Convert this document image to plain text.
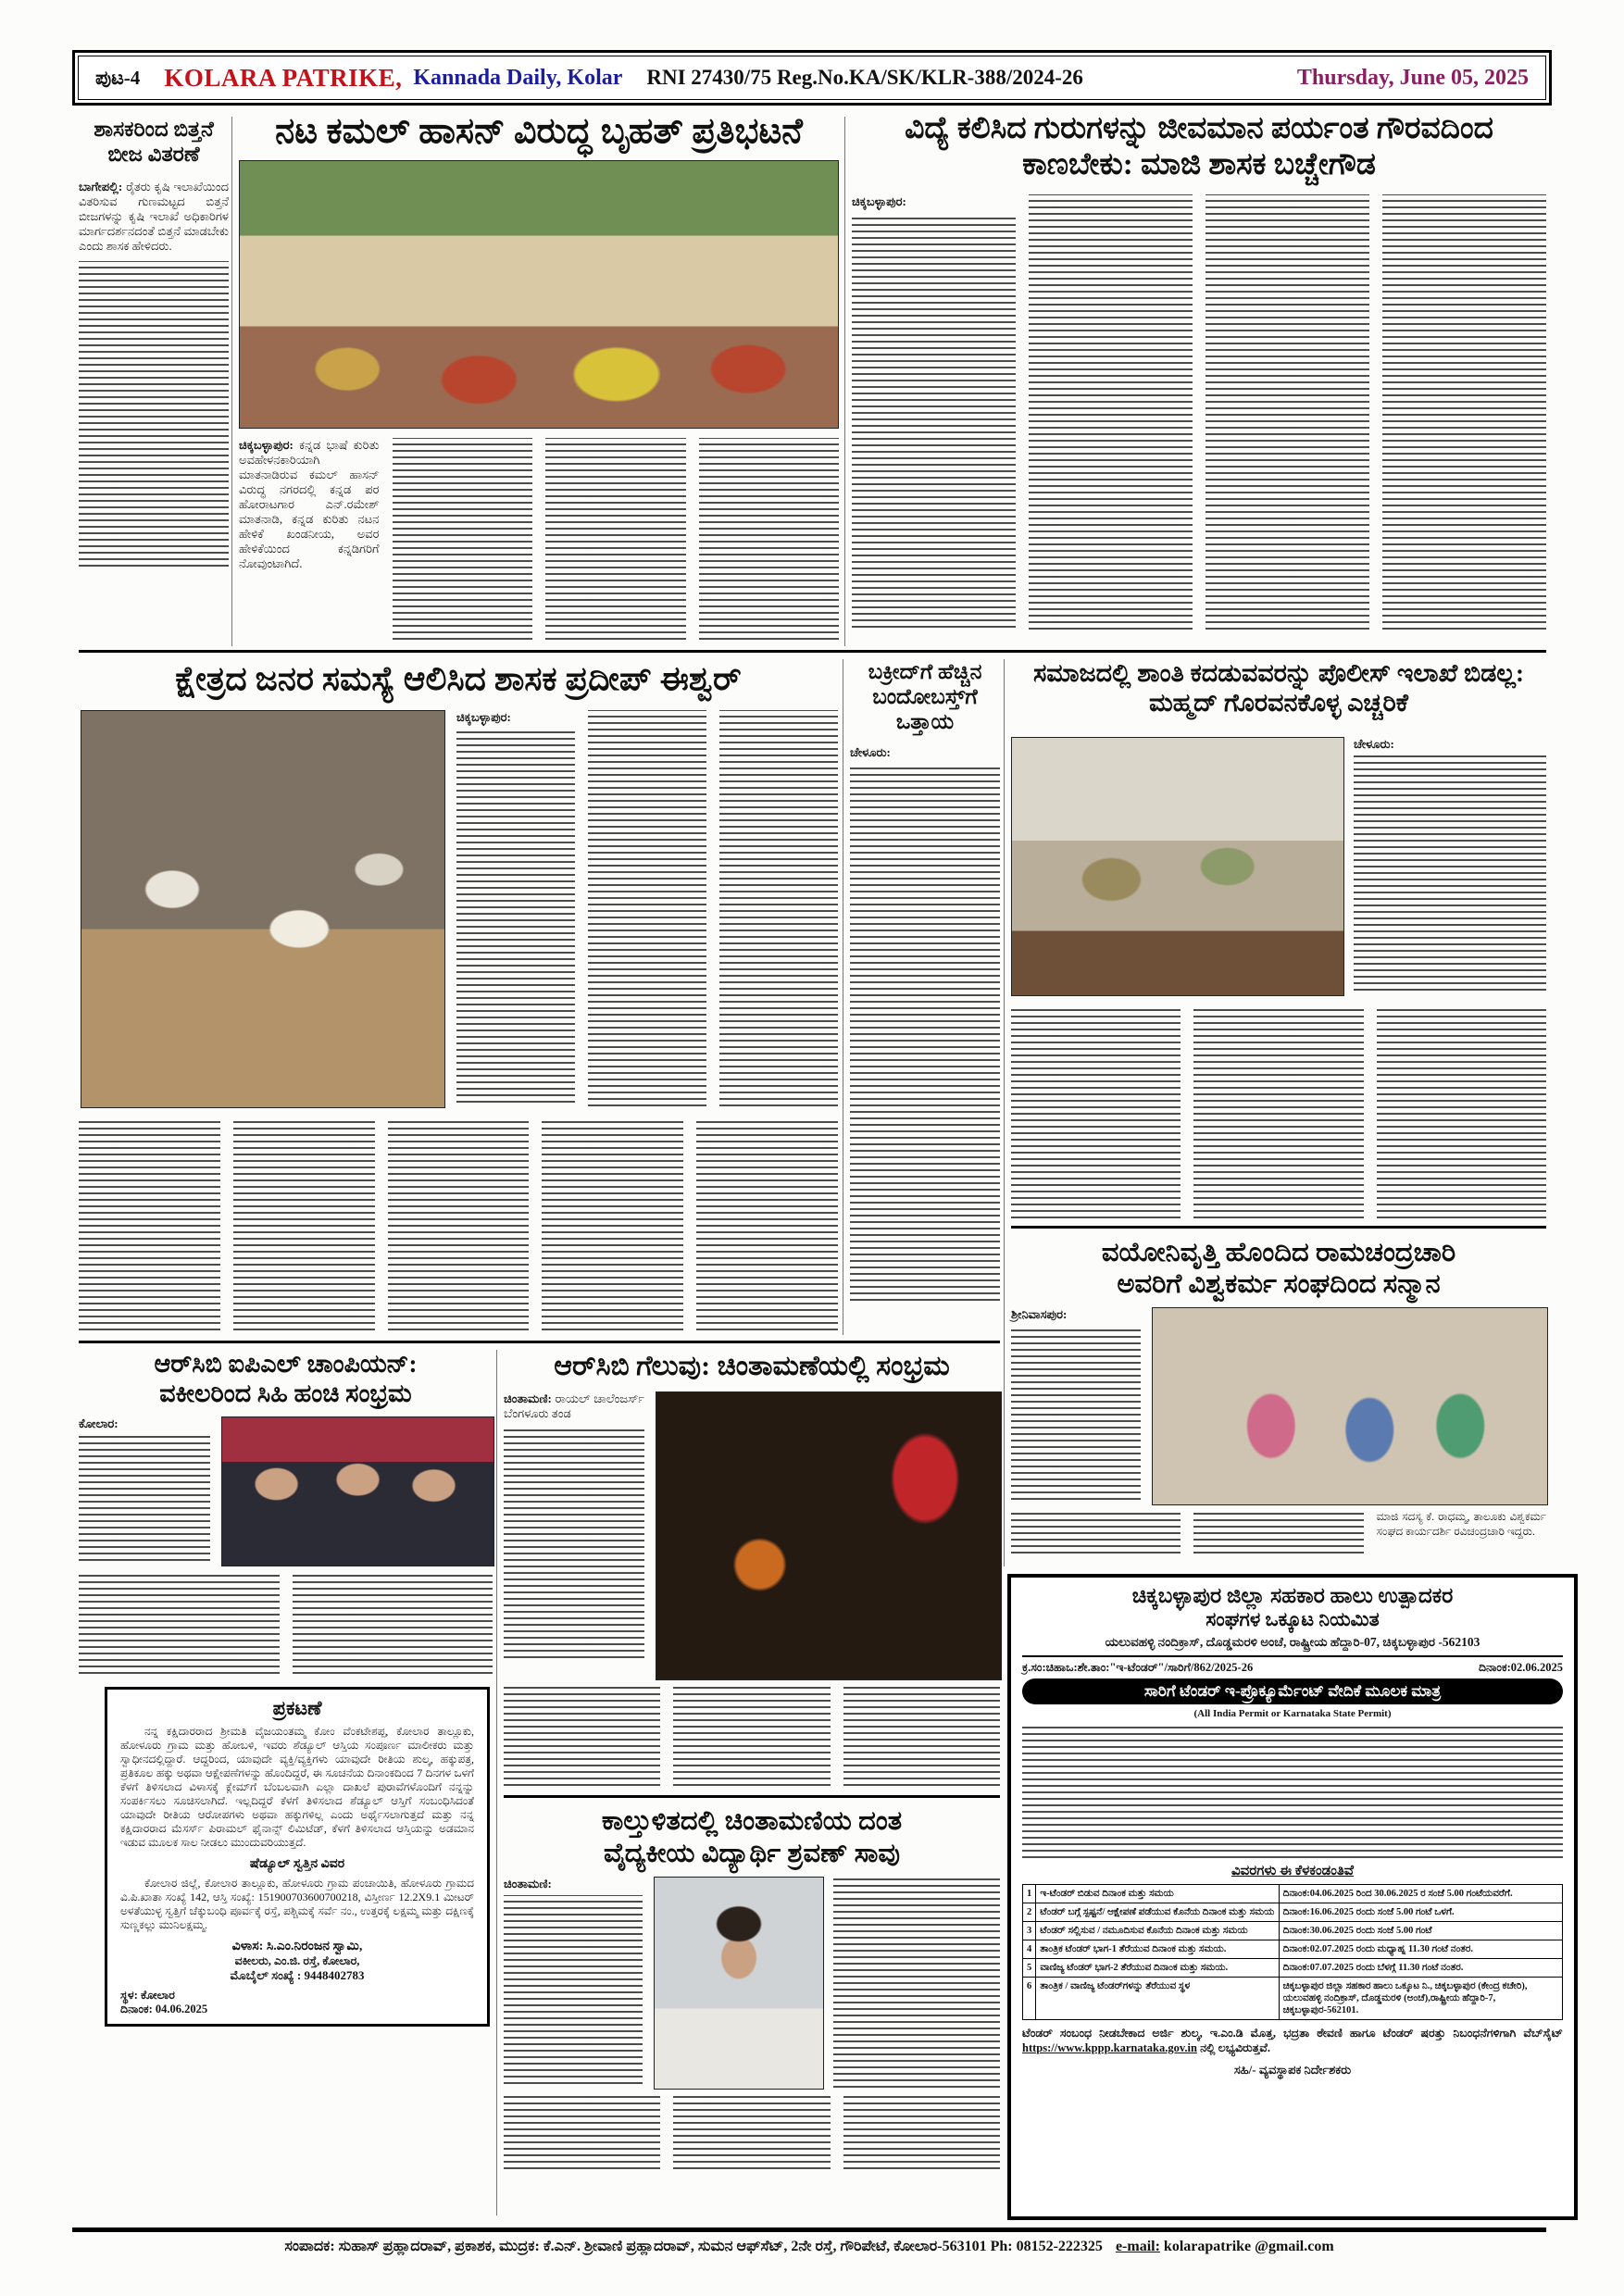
ಪುಟ-4 KOLARA PATRIKE, Kannada Daily, Kolar RNI 27430/75 Reg.No.KA/SK/KLR-388/2024-26	Thursday, June 05, 2025
ಶಾಸಕರಿಂದ ಬಿತ್ತನೆ ಬೀಜ ವಿತರಣೆ
ಬಾಗೇಪಲ್ಲಿ: ರೈತರು ಕೃಷಿ ಇಲಾಖೆಯಿಂದ ವಿತರಿಸುವ ಗುಣಮಟ್ಟದ ಬಿತ್ತನೆ ಬೀಜಗಳನ್ನು ಕೃಷಿ ಇಲಾಖೆ ಅಧಿಕಾರಿಗಳ ಮಾರ್ಗದರ್ಶನದಂತೆ ಬಿತ್ತನೆ ಮಾಡಬೇಕು ಎಂದು ಶಾಸಕ ಹೇಳಿದರು.
ನಟ ಕಮಲ್ ಹಾಸನ್ ವಿರುದ್ಧ ಬೃಹತ್ ಪ್ರತಿಭಟನೆ
ಚಿಕ್ಕಬಳ್ಳಾಪುರ: ಕನ್ನಡ ಭಾಷೆ ಕುರಿತು ಅವಹೇಳನಕಾರಿಯಾಗಿ ಮಾತನಾಡಿರುವ ಕಮಲ್ ಹಾಸನ್ ವಿರುದ್ಧ ನಗರದಲ್ಲಿ ಕನ್ನಡ ಪರ ಹೋರಾಟಗಾರ ಎನ್.ರಮೇಶ್ ಮಾತನಾಡಿ, ಕನ್ನಡ ಕುರಿತು ನಟನ ಹೇಳಿಕೆ ಖಂಡನೀಯ, ಅವರ ಹೇಳಿಕೆಯಿಂದ ಕನ್ನಡಿಗರಿಗೆ ನೋವುಂಟಾಗಿದೆ.
ವಿದ್ಯೆ ಕಲಿಸಿದ ಗುರುಗಳನ್ನು ಜೀವಮಾನ ಪರ್ಯಂತ ಗೌರವದಿಂದ ಕಾಣಬೇಕು: ಮಾಜಿ ಶಾಸಕ ಬಚ್ಚೇಗೌಡ
ಚಿಕ್ಕಬಳ್ಳಾಪುರ:
ಕ್ಷೇತ್ರದ ಜನರ ಸಮಸ್ಯೆ ಆಲಿಸಿದ ಶಾಸಕ ಪ್ರದೀಪ್ ಈಶ್ವರ್
ಚಿಕ್ಕಬಳ್ಳಾಪುರ:
ಬಕ್ರೀದ್‌ಗೆ ಹೆಚ್ಚಿನ ಬಂದೋಬಸ್ತ್‌ಗೆ ಒತ್ತಾಯ
ಚೇಳೂರು:
ಸಮಾಜದಲ್ಲಿ ಶಾಂತಿ ಕದಡುವವರನ್ನು ಪೊಲೀಸ್ ಇಲಾಖೆ ಬಿಡಲ್ಲ: ಮಹ್ಮದ್ ಗೊರವನಕೊಳ್ಳ ಎಚ್ಚರಿಕೆ
ಚೇಳೂರು:
ವಯೋನಿವೃತ್ತಿ ಹೊಂದಿದ ರಾಮಚಂದ್ರಚಾರಿ
ಅವರಿಗೆ ವಿಶ್ವಕರ್ಮ ಸಂಘದಿಂದ ಸನ್ಮಾನ
ಶ್ರೀನಿವಾಸಪುರ:
ಮಾಜಿ ಸದಸ್ಯ ಕೆ. ರಾಧಮ್ಮ, ತಾಲೂಕು ವಿಶ್ವಕರ್ಮ ಸಂಘದ ಕಾರ್ಯದರ್ಶಿ ರವಿಚಂದ್ರಚಾರಿ ಇದ್ದರು.
ಆರ್‌ಸಿಬಿ ಐಪಿಎಲ್ ಚಾಂಪಿಯನ್:
ವಕೀಲರಿಂದ ಸಿಹಿ ಹಂಚಿ ಸಂಭ್ರಮ
ಕೋಲಾರ:
ಪ್ರಕಟಣೆ
ನನ್ನ ಕಕ್ಷಿದಾರರಾದ ಶ್ರೀಮತಿ ವೈಜಯಂತಮ್ಮ ಕೋಂ ವೆಂಕಟೇಶಪ್ಪ, ಕೋಲಾರ ತಾಲ್ಲೂಕು, ಹೋಳೂರು ಗ್ರಾಮ ಮತ್ತು ಹೋಬಳಿ, ಇವರು ಶೆಡ್ಯೂಲ್ ಆಸ್ತಿಯ ಸಂಪೂರ್ಣ ಮಾಲೀಕರು ಮತ್ತು ಸ್ವಾಧೀನದಲ್ಲಿದ್ದಾರೆ. ಆದ್ದರಿಂದ, ಯಾವುದೇ ವ್ಯಕ್ತಿ/ವ್ಯಕ್ತಿಗಳು ಯಾವುದೇ ರೀತಿಯ ಶುಲ್ಕ, ಹಕ್ಕುಪತ್ರ, ಪ್ರತಿಕೂಲ ಹಕ್ಕು ಅಥವಾ ಆಕ್ಷೇಪಣೆಗಳನ್ನು ಹೊಂದಿದ್ದರೆ, ಈ ಸೂಚನೆಯ ದಿನಾಂಕದಿಂದ 7 ದಿನಗಳ ಒಳಗೆ ಕೆಳಗೆ ತಿಳಿಸಲಾದ ವಿಳಾಸಕ್ಕೆ ಕ್ಲೇಮ್‌ಗೆ ಬೆಂಬಲವಾಗಿ ಎಲ್ಲಾ ದಾಖಲೆ ಪುರಾವೆಗಳೊಂದಿಗೆ ನನ್ನನ್ನು ಸಂಪರ್ಕಿಸಲು ಸೂಚಿಸಲಾಗಿದೆ. ಇಲ್ಲದಿದ್ದರೆ ಕೆಳಗೆ ತಿಳಿಸಲಾದ ಶೆಡ್ಯೂಲ್ ಆಸ್ತಿಗೆ ಸಂಬಂಧಿಸಿದಂತೆ ಯಾವುದೇ ರೀತಿಯ ಆರೋಪಗಳು ಅಥವಾ ಹಕ್ಕುಗಳಿಲ್ಲ ಎಂದು ಅರ್ಥೈಸಲಾಗುತ್ತದೆ ಮತ್ತು ನನ್ನ ಕಕ್ಷಿದಾರರಾದ ಮೆಸರ್ಸ್ ಪಿರಾಮಲ್ ಫೈನಾನ್ಸ್ ಲಿಮಿಟೆಡ್, ಕೆಳಗೆ ತಿಳಿಸಲಾದ ಆಸ್ತಿಯನ್ನು ಅಡಮಾನ ಇಡುವ ಮೂಲಕ ಸಾಲ ನೀಡಲು ಮುಂದುವರಿಯುತ್ತದೆ.
ಷೆಡ್ಯೂಲ್ ಸ್ವತ್ತಿನ ವಿವರ
ಕೋಲಾರ ಜಿಲ್ಲೆ, ಕೋಲಾರ ತಾಲ್ಲೂಕು, ಹೋಳೂರು ಗ್ರಾಮ ಪಂಚಾಯಿತಿ, ಹೋಳೂರು ಗ್ರಾಮದ ವಿ.ಪಿ.ಖಾತಾ ಸಂಖ್ಯೆ 142, ಆಸ್ತಿ ಸಂಖ್ಯೆ: 151900703600700218, ವಿಸ್ತೀರ್ಣ 12.2X9.1 ಮೀಟರ್ ಅಳತೆಯುಳ್ಳ ಸ್ವತ್ತಿಗೆ ಚೆಕ್ಕುಬಂಧಿ ಪೂರ್ವಕ್ಕೆ ರಸ್ತೆ, ಪಶ್ಚಿಮಕ್ಕೆ ಸರ್ವೆ ನಂ., ಉತ್ತರಕ್ಕೆ ಲಕ್ಷಮ್ಮ ಮತ್ತು ದಕ್ಷಿಣಕ್ಕೆ ಸುಣ್ಣಕಲ್ಲು ಮುನಿಲಕ್ಷಮ್ಮ.
ವಿಳಾಸ: ಸಿ.ಎಂ.ನಿರಂಜನ ಸ್ವಾಮಿ,
ವಕೀಲರು, ಎಂ.ಜಿ. ರಸ್ತೆ, ಕೋಲಾರ,
ಮೊಬೈಲ್ ಸಂಖ್ಯೆ : 9448402783
ಸ್ಥಳ: ಕೋಲಾರ
ದಿನಾಂಕ: 04.06.2025
ಆರ್‌ಸಿಬಿ ಗೆಲುವು: ಚಿಂತಾಮಣೆಯಲ್ಲಿ ಸಂಭ್ರಮ
ಚಿಂತಾಮಣಿ: ರಾಯಲ್ ಚಾಲೆಂಜರ್ಸ್ ಬೆಂಗಳೂರು ತಂಡ
ಕಾಲ್ತುಳಿತದಲ್ಲಿ ಚಿಂತಾಮಣಿಯ ದಂತ
ವೈದ್ಯಕೀಯ ವಿದ್ಯಾರ್ಥಿ ಶ್ರವಣ್ ಸಾವು
ಚಿಂತಾಮಣಿ:
ಚಿಕ್ಕಬಳ್ಳಾಪುರ ಜಿಲ್ಲಾ ಸಹಕಾರ ಹಾಲು ಉತ್ಪಾದಕರ
ಸಂಘಗಳ ಒಕ್ಕೂಟ ನಿಯಮಿತ
ಯಲುವಹಳ್ಳಿ ನಂದಿಕ್ರಾಸ್, ದೊಡ್ಡಮರಳಿ ಅಂಚೆ, ರಾಷ್ಟ್ರೀಯ ಹೆದ್ದಾರಿ-07, ಚಿಕ್ಕಬಳ್ಳಾಪುರ -562103
ಕ್ರ.ಸಂ:ಚಿಹಾಒ:ಶೇ.ತಾಂ:"ಇ-ಟೆಂಡರ್"/ಸಾರಿಗೆ/862/2025-26	ದಿನಾಂಕ:02.06.2025
ಸಾರಿಗೆ ಟೆಂಡರ್ ಇ-ಪ್ರೊಕ್ಯೂರ್ಮೆಂಟ್ ವೇದಿಕೆ ಮೂಲಕ ಮಾತ್ರ
(All India Permit or Karnataka State Permit)
ವಿವರಗಳು ಈ ಕೆಳಕಂಡಂತಿವೆ
1	ಇ-ಟೆಂಡರ್ ಬಿಡುವ ದಿನಾಂಕ ಮತ್ತು ಸಮಯ	ದಿನಾಂಕ:04.06.2025 ರಿಂದ 30.06.2025 ರ ಸಂಜೆ 5.00 ಗಂಟೆಯವರೆಗೆ.
2	ಟೆಂಡರ್ ಬಗ್ಗೆ ಸ್ಪಷ್ಟನೆ/ ಆಕ್ಷೇಪಣೆ ಪಡೆಯುವ ಕೊನೆಯ ದಿನಾಂಕ ಮತ್ತು ಸಮಯ	ದಿನಾಂಕ:16.06.2025 ರಂದು ಸಂಜೆ 5.00 ಗಂಟೆ ಒಳಗೆ.
3	ಟೆಂಡರ್ ಸಲ್ಲಿಸುವ / ನಮೂದಿಸುವ ಕೊನೆಯ ದಿನಾಂಕ ಮತ್ತು ಸಮಯ	ದಿನಾಂಕ:30.06.2025 ರಂದು ಸಂಜೆ 5.00 ಗಂಟೆ
4	ತಾಂತ್ರಿಕ ಟೆಂಡರ್ ಭಾಗ-1 ತೆರೆಯುವ ದಿನಾಂಕ ಮತ್ತು ಸಮಯ.	ದಿನಾಂಕ:02.07.2025 ರಂದು ಮಧ್ಯಾಹ್ನ 11.30 ಗಂಟೆ ನಂತರ.
5	ವಾಣಿಜ್ಯ ಟೆಂಡರ್ ಭಾಗ-2 ತೆರೆಯುವ ದಿನಾಂಕ ಮತ್ತು ಸಮಯ.	ದಿನಾಂಕ:07.07.2025 ರಂದು ಬೆಳಗ್ಗೆ 11.30 ಗಂಟೆ ನಂತರ.
6	ತಾಂತ್ರಿಕ / ವಾಣಿಜ್ಯ ಟೆಂಡರ್‌ಗಳನ್ನು ತೆರೆಯುವ ಸ್ಥಳ	ಚಿಕ್ಕಬಳ್ಳಾಪುರ ಜಿಲ್ಲಾ ಸಹಕಾರ ಹಾಲು ಒಕ್ಕೂಟ ನಿ., ಚಿಕ್ಕಬಳ್ಳಾಪುರ (ಕೇಂದ್ರ ಕಚೇರಿ), ಯಲುವಹಳ್ಳಿ ನಂದಿಕ್ರಾಸ್, ದೊಡ್ಡಮರಳಿ (ಅಂಚೆ),ರಾಷ್ಟ್ರೀಯ ಹೆದ್ದಾರಿ-7, ಚಿಕ್ಕಬಳ್ಳಾಪುರ-562101.
ಟೆಂಡರ್ ಸಂಬಂಧ ನೀಡಬೇಕಾದ ಅರ್ಜಿ ಶುಲ್ಕ, ಇ.ಎಂ.ಡಿ ಮೊತ್ತ, ಭದ್ರತಾ ಠೇವಣಿ ಹಾಗೂ ಟೆಂಡರ್ ಷರತ್ತು ನಿಬಂಧನೆಗಳಿಗಾಗಿ ವೆಬ್‌ಸೈಟ್ https://www.kppp.karnataka.gov.in ನಲ್ಲಿ ಲಭ್ಯವಿರುತ್ತವೆ.
ಸಹಿ/- ವ್ಯವಸ್ಥಾಪಕ ನಿರ್ದೇಶಕರು
ಸಂಪಾದಕ: ಸುಹಾಸ್ ಪ್ರಹ್ಲಾದರಾವ್, ಪ್ರಕಾಶಕ, ಮುದ್ರಕ: ಕೆ.ಎನ್. ಶ್ರೀವಾಣಿ ಪ್ರಹ್ಲಾದರಾವ್, ಸುಮನ ಆಫ್‌ಸೆಟ್, 2ನೇ ರಸ್ತೆ, ಗೌರಿಪೇಟೆ, ಕೋಲಾರ-563101 Ph: 08152-222325 e-mail: kolarapatrike @gmail.com
